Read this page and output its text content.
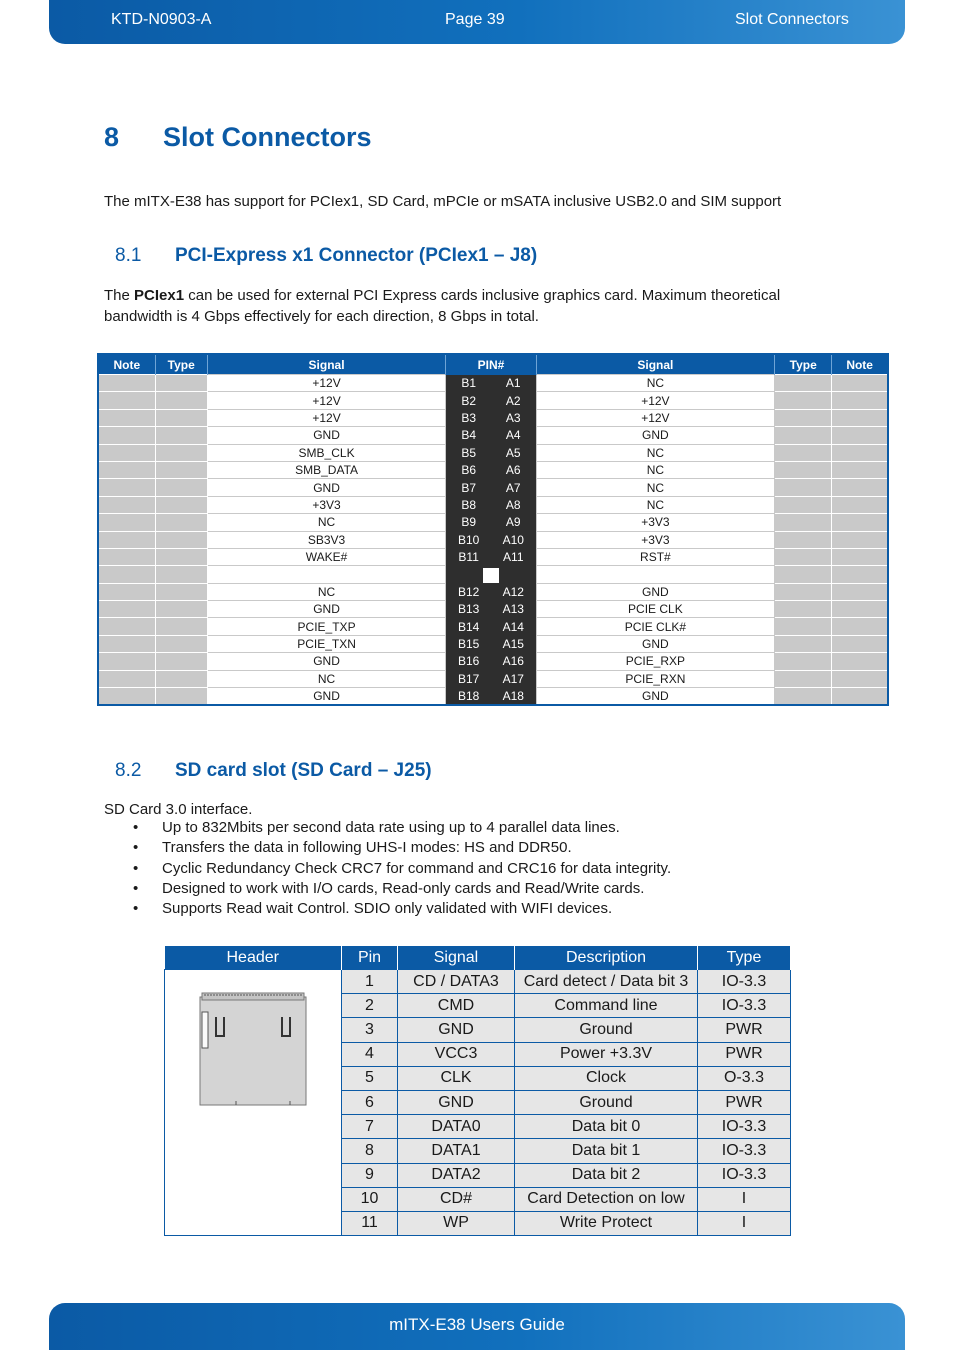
KTD-N0903-A	Page 39	Slot Connectors
8 Slot Connectors

The mITX-E38 has support for PCIex1, SD Card, mPCIe or mSATA inclusive USB2.0 and SIM support

8.1 PCI-Express x1 Connector (PCIex1 – J8)

The PCIex1 can be used for external PCI Express cards inclusive graphics card. Maximum theoretical bandwidth is 4 Gbps effectively for each direction, 8 Gbps in total.

Note	Type	Signal	PIN#		Signal	Type	Note
		+12V	B1	A1	NC		
		+12V	B2	A2	+12V		
		+12V	B3	A3	+12V		
		GND	B4	A4	GND		
		SMB_CLK	B5	A5	NC		
		SMB_DATA	B6	A6	NC		
		GND	B7	A7	NC		
		+3V3	B8	A8	NC		
		NC	B9	A9	+3V3		
		SB3V3	B10	A10	+3V3		
		WAKE#	B11	A11	RST#		

		NC	B12	A12	GND		
		GND	B13	A13	PCIE CLK		
		PCIE_TXP	B14	A14	PCIE CLK#		
		PCIE_TXN	B15	A15	GND		
		GND	B16	A16	PCIE_RXP		
		NC	B17	A17	PCIE_RXN		
		GND	B18	A18	GND		
8.2 SD card slot (SD Card – J25)

SD Card 3.0 interface.

• Up to 832Mbits per second data rate using up to 4 parallel data lines.
• Transfers the data in following UHS-I modes: HS and DDR50.
• Cyclic Redundancy Check CRC7 for command and CRC16 for data integrity.
• Designed to work with I/O cards, Read-only cards and Read/Write cards.
• Supports Read wait Control. SDIO only validated with WIFI devices.
Header	Pin	Signal	Description	Type
	1	CD / DATA3	Card detect / Data bit 3	IO-3.3
	2	CMD	Command line	IO-3.3
	3	GND	Ground	PWR
	4	VCC3	Power +3.3V	PWR
	5	CLK	Clock	O-3.3
	6	GND	Ground	PWR
	7	DATA0	Data bit 0	IO-3.3
	8	DATA1	Data bit 1	IO-3.3
	9	DATA2	Data bit 2	IO-3.3
	10	CD#	Card Detection on low	I
	11	WP	Write Protect	I
mITX-E38 Users Guide
